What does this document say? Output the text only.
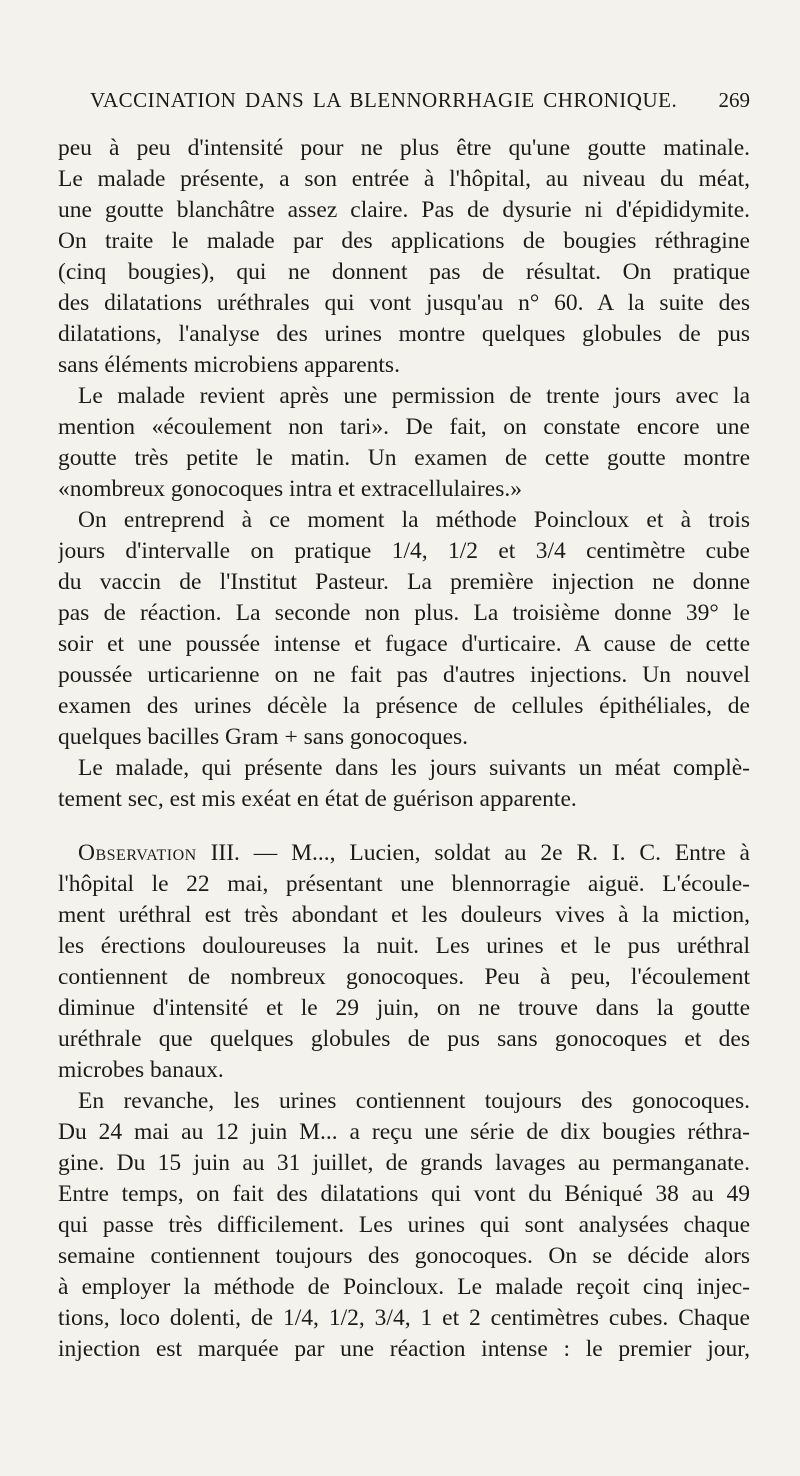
VACCINATION DANS LA BLENNORRHAGIE CHRONIQUE. 269
peu à peu d'intensité pour ne plus être qu'une goutte matinale.
Le malade présente, a son entrée à l'hôpital, au niveau du méat,
une goutte blanchâtre assez claire. Pas de dysurie ni d'épididymite.
On traite le malade par des applications de bougies réthragine
(cinq bougies), qui ne donnent pas de résultat. On pratique
des dilatations uréthrales qui vont jusqu'au n° 60. A la suite des
dilatations, l'analyse des urines montre quelques globules de pus
sans éléments microbiens apparents.
Le malade revient après une permission de trente jours avec la
mention «écoulement non tari». De fait, on constate encore une
goutte très petite le matin. Un examen de cette goutte montre
«nombreux gonocoques intra et extracellulaires.»
On entreprend à ce moment la méthode Poincloux et à trois
jours d'intervalle on pratique 1/4, 1/2 et 3/4 centimètre cube
du vaccin de l'Institut Pasteur. La première injection ne donne
pas de réaction. La seconde non plus. La troisième donne 39° le
soir et une poussée intense et fugace d'urticaire. A cause de cette
poussée urticarienne on ne fait pas d'autres injections. Un nouvel
examen des urines décèle la présence de cellules épithéliales, de
quelques bacilles Gram + sans gonocoques.
Le malade, qui présente dans les jours suivants un méat complè-
tement sec, est mis exéat en état de guérison apparente.
Observation III. — M..., Lucien, soldat au 2e R. I. C. Entre à
l'hôpital le 22 mai, présentant une blennorragie aiguë. L'écoule-
ment uréthral est très abondant et les douleurs vives à la miction,
les érections douloureuses la nuit. Les urines et le pus uréthral
contiennent de nombreux gonocoques. Peu à peu, l'écoulement
diminue d'intensité et le 29 juin, on ne trouve dans la goutte
uréthrale que quelques globules de pus sans gonocoques et des
microbes banaux.
En revanche, les urines contiennent toujours des gonocoques.
Du 24 mai au 12 juin M... a reçu une série de dix bougies réthra-
gine. Du 15 juin au 31 juillet, de grands lavages au permanganate.
Entre temps, on fait des dilatations qui vont du Béniqué 38 au 49
qui passe très difficilement. Les urines qui sont analysées chaque
semaine contiennent toujours des gonocoques. On se décide alors
à employer la méthode de Poincloux. Le malade reçoit cinq injec-
tions, loco dolenti, de 1/4, 1/2, 3/4, 1 et 2 centimètres cubes. Chaque
injection est marquée par une réaction intense : le premier jour,
